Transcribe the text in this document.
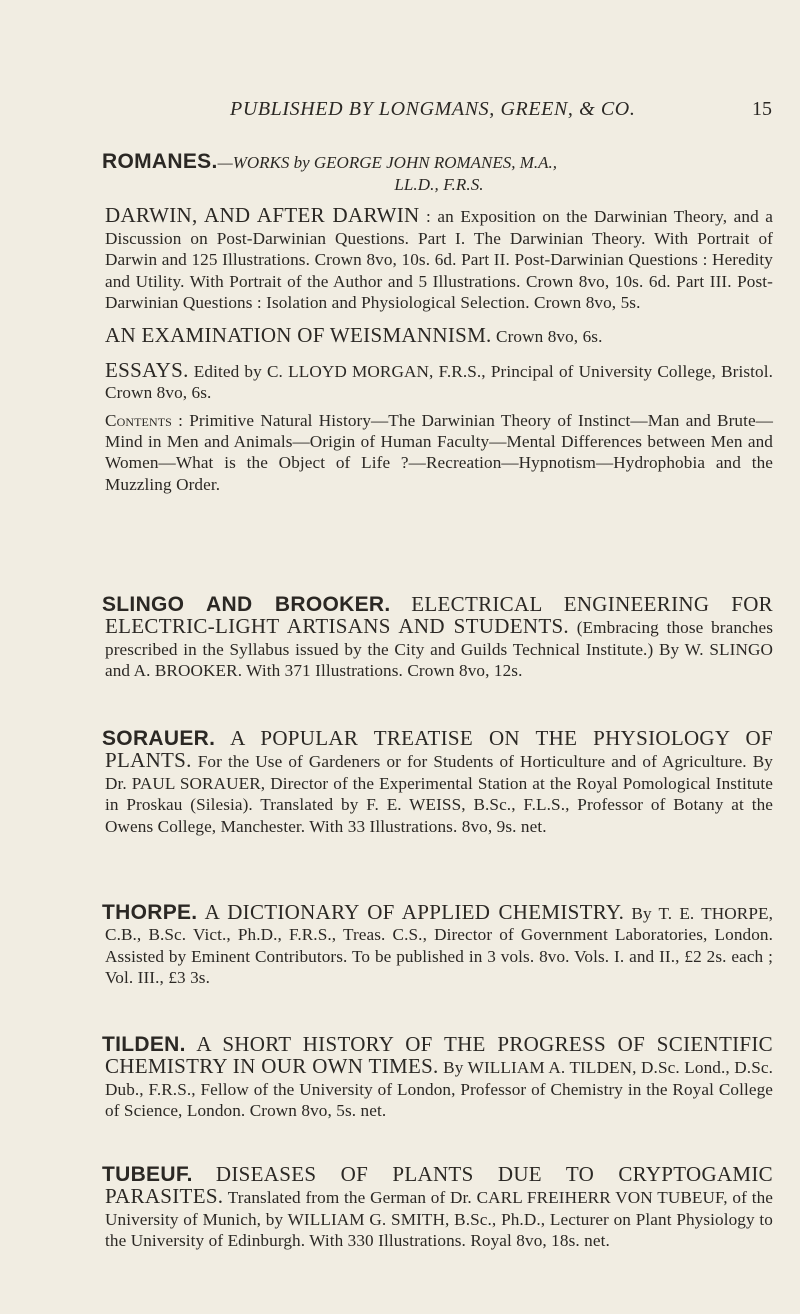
PUBLISHED BY LONGMANS, GREEN, & CO.	15

ROMANES.—WORKS by GEORGE JOHN ROMANES, M.A.,

LL.D., F.R.S.

DARWIN, AND AFTER DARWIN : an Exposition on the Darwinian Theory, and a Discussion on Post-Darwinian Questions. Part I. The Darwinian Theory. With Portrait of Darwin and 125 Illustrations. Crown 8vo, 10s. 6d. Part II. Post-Darwinian Questions : Heredity and Utility. With Portrait of the Author and 5 Illustrations. Crown 8vo, 10s. 6d. Part III. Post-Darwinian Questions : Isolation and Physiological Selection. Crown 8vo, 5s.

AN EXAMINATION OF WEISMANNISM. Crown 8vo, 6s.

ESSAYS. Edited by C. LLOYD MORGAN, F.R.S., Principal of University College, Bristol. Crown 8vo, 6s.

Contents : Primitive Natural History—The Darwinian Theory of Instinct—Man and Brute—Mind in Men and Animals—Origin of Human Faculty—Mental Differences between Men and Women—What is the Object of Life ?—Recreation—Hypnotism—Hydrophobia and the Muzzling Order.

SLINGO AND BROOKER. ELECTRICAL ENGINEERING FOR ELECTRIC-LIGHT ARTISANS AND STUDENTS. (Embracing those branches prescribed in the Syllabus issued by the City and Guilds Technical Institute.) By W. SLINGO and A. BROOKER. With 371 Illustrations. Crown 8vo, 12s.

SORAUER. A POPULAR TREATISE ON THE PHYSIOLOGY OF PLANTS. For the Use of Gardeners or for Students of Horticulture and of Agriculture. By Dr. PAUL SORAUER, Director of the Experimental Station at the Royal Pomological Institute in Proskau (Silesia). Translated by F. E. WEISS, B.Sc., F.L.S., Professor of Botany at the Owens College, Manchester. With 33 Illustrations. 8vo, 9s. net.

THORPE. A DICTIONARY OF APPLIED CHEMISTRY. By T. E. THORPE, C.B., B.Sc. Vict., Ph.D., F.R.S., Treas. C.S., Director of Government Laboratories, London. Assisted by Eminent Contributors. To be published in 3 vols. 8vo. Vols. I. and II., £2 2s. each ; Vol. III., £3 3s.

TILDEN. A SHORT HISTORY OF THE PROGRESS OF SCIENTIFIC CHEMISTRY IN OUR OWN TIMES. By WILLIAM A. TILDEN, D.Sc. Lond., D.Sc. Dub., F.R.S., Fellow of the University of London, Professor of Chemistry in the Royal College of Science, London. Crown 8vo, 5s. net.

TUBEUF. DISEASES OF PLANTS DUE TO CRYPTOGAMIC PARASITES. Translated from the German of Dr. CARL FREIHERR VON TUBEUF, of the University of Munich, by WILLIAM G. SMITH, B.Sc., Ph.D., Lecturer on Plant Physiology to the University of Edinburgh. With 330 Illustrations. Royal 8vo, 18s. net.
